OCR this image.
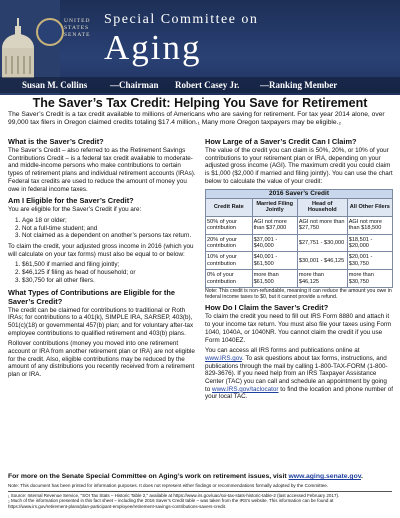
UNITED
STATES
SENATE
Special Committee on
Aging
Susan M. Collins	—Chairman Robert Casey Jr. —Ranking Member
The Saver’s Tax Credit: Helping You Save for Retirement

The Saver’s Credit is a tax credit available to millions of Americans who are saving for retirement. For tax year 2014 alone, over 99,000 tax filers in Oregon claimed credits totaling $17.4 million.₁ Many more Oregon taxpayers may be eligible.₂

What is the Saver’s Credit?

The Saver’s Credit – also referred to as the Retirement Savings Contributions Credit – is a federal tax credit available to moderate- and middle-income persons who make contributions to certain types of retirement plans and individual retirement accounts (IRAs). Federal tax credits are used to reduce the amount of money you owe in federal income taxes.

Am I Eligible for the Saver’s Credit?

You are eligible for the Saver’s Credit if you are:

1. Age 18 or older;
2. Not a full-time student; and
3. Not claimed as a dependent on another’s persons tax return.

To claim the credit, your adjusted gross income in 2016 (which you will calculate on your tax forms) must also be equal to or below:

1. $61,500 if married and filing jointly;
2. $46,125 if filing as head of household; or
3. $30,750 for all other filers.
What Types of Contributions are Eligible for the Saver’s Credit?

The credit can be claimed for contributions to traditional or Roth IRAs; for contributions to a 401(k), SIMPLE IRA, SARSEP, 403(b), 501(c)(18) or governmental 457(b) plan; and for voluntary after-tax employee contributions to qualified retirement and 403(b) plans.

Rollover contributions (money you moved into one retirement account or IRA from another retirement plan or IRA) are not eligible for the credit. Also, eligible contributions may be reduced by the amount of any distributions you recently received from a retirement plan or IRA.

How Large of a Saver’s Credit Can I Claim?

The value of the credit you can claim is 50%, 20%, or 10% of your contributions to your retirement plan or IRA, depending on your adjusted gross income (AGI). The maximum credit you could claim is $1,000 ($2,000 if married and filing jointly). You can use the chart below to calculate the value of your credit:

2016 Saver’s Credit
Credit Rate	Married Filing Jointly	Head of Household	All Other Filers
50% of your contribution	AGI not more than $37,000	AGI not more than $27,750	AGI not more than $18,500
20% of your contribution	$37,001 - $40,000	$27,751 - $30,000	$18,501 - $20,000
10% of your contribution	$40,001 - $61,500	$30,001 - $46,125	$20,001 - $30,750
0% of your contribution	more than $61,500	more than $46,125	more than $30,750

Note: This credit is non-refundable, meaning it can reduce the amount you owe in federal income taxes to $0, but it cannot provide a refund.

How Do I Claim the Saver’s Credit?

To claim the credit you need to fill out IRS Form 8880 and attach it to your income tax return. You must also file your taxes using Form 1040, 1040A, or 1040NR. You cannot claim the credit if you use Form 1040EZ.

You can access all IRS forms and publications online at www.IRS.gov. To ask questions about tax forms, instructions, and publications through the mail by calling 1-800-TAX-FORM (1-800-829-3676). If you need help from an IRS Taxpayer Assistance Center (TAC) you can call and schedule an appointment by going to www.IRS.gov/taclocator to find the location and phone number of your local TAC.

For more on the Senate Special Committee on Aging’s work on retirement issues, visit www.aging.senate.gov.

Note: This document has been printed for information purposes. It does not represent either findings or recommendations formally adopted by the Committee.

₁ Source: Internal Revenue Service, "SOI Tax Stats – Historic Table 2," available at https://www.irs.gov/uac/soi-tax-stats-historic-table-2 (last accessed February 2017).

₂ Much of the information presented in this fact sheet – including the 2016 Saver’s Credit table – was taken from the IRS’s website. This information can be found at https://www.irs.gov/retirement-plans/plan-participant-employee/retirement-savings-contributions-savers-credit.
